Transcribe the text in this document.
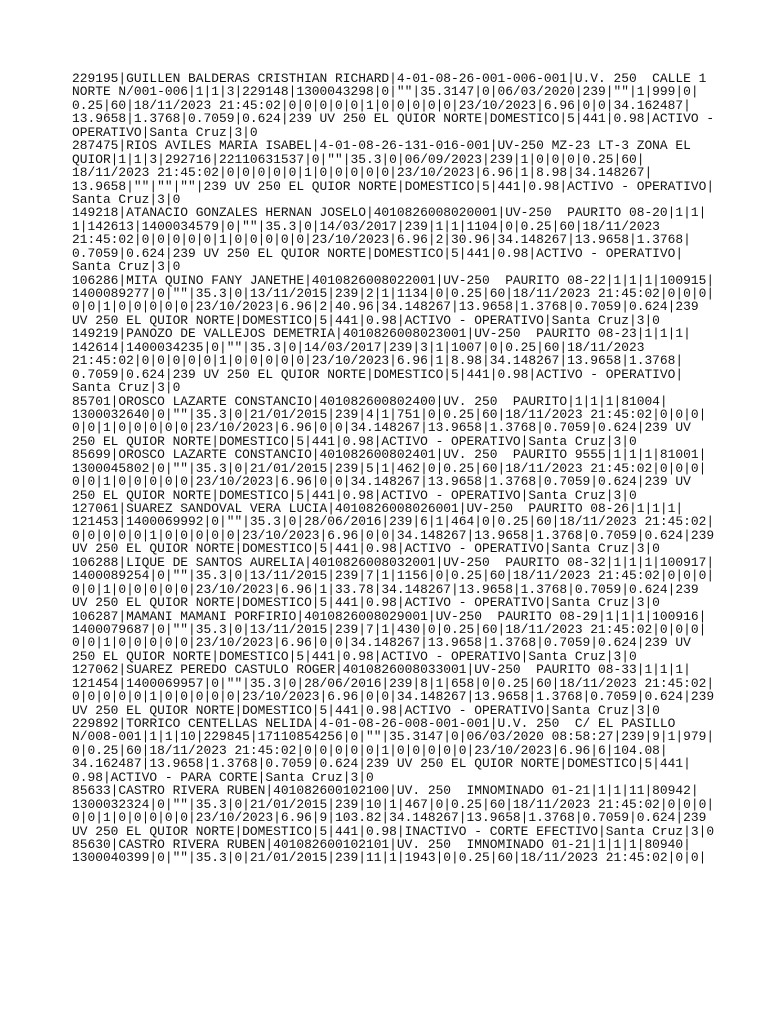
229195|GUILLEN BALDERAS CRISTHIAN RICHARD|4-01-08-26-001-006-001|U.V. 250  CALLE 1
NORTE N/001-006|1|1|3|229148|1300043298|0|""|35.3147|0|06/03/2020|239|""|1|999|0|
0.25|60|18/11/2023 21:45:02|0|0|0|0|0|1|0|0|0|0|0|23/10/2023|6.96|0|0|34.162487|
13.9658|1.3768|0.7059|0.624|239 UV 250 EL QUIOR NORTE|DOMESTICO|5|441|0.98|ACTIVO -
OPERATIVO|Santa Cruz|3|0
287475|RIOS AVILES MARIA ISABEL|4-01-08-26-131-016-001|UV-250 MZ-23 LT-3 ZONA EL
QUIOR|1|1|3|292716|22110631537|0|""|35.3|0|06/09/2023|239|1|0|0|0|0.25|60|
18/11/2023 21:45:02|0|0|0|0|0|1|0|0|0|0|0|23/10/2023|6.96|1|8.98|34.148267|
13.9658|""|""|""|239 UV 250 EL QUIOR NORTE|DOMESTICO|5|441|0.98|ACTIVO - OPERATIVO|
Santa Cruz|3|0
149218|ATANACIO GONZALES HERNAN JOSELO|4010826008020001|UV-250  PAURITO 08-20|1|1|
1|142613|1400034579|0|""|35.3|0|14/03/2017|239|1|1|1104|0|0.25|60|18/11/2023
21:45:02|0|0|0|0|0|1|0|0|0|0|0|23/10/2023|6.96|2|30.96|34.148267|13.9658|1.3768|
0.7059|0.624|239 UV 250 EL QUIOR NORTE|DOMESTICO|5|441|0.98|ACTIVO - OPERATIVO|
Santa Cruz|3|0
106286|MITA QUINO FANY JANETHE|4010826008022001|UV-250  PAURITO 08-22|1|1|1|100915|
1400089277|0|""|35.3|0|13/11/2015|239|2|1|1134|0|0.25|60|18/11/2023 21:45:02|0|0|0|
0|0|1|0|0|0|0|0|23/10/2023|6.96|2|40.96|34.148267|13.9658|1.3768|0.7059|0.624|239
UV 250 EL QUIOR NORTE|DOMESTICO|5|441|0.98|ACTIVO - OPERATIVO|Santa Cruz|3|0
149219|PANOZO DE VALLEJOS DEMETRIA|4010826008023001|UV-250  PAURITO 08-23|1|1|1|
142614|1400034235|0|""|35.3|0|14/03/2017|239|3|1|1007|0|0.25|60|18/11/2023
21:45:02|0|0|0|0|0|1|0|0|0|0|0|23/10/2023|6.96|1|8.98|34.148267|13.9658|1.3768|
0.7059|0.624|239 UV 250 EL QUIOR NORTE|DOMESTICO|5|441|0.98|ACTIVO - OPERATIVO|
Santa Cruz|3|0
85701|OROSCO LAZARTE CONSTANCIO|401082600802400|UV. 250  PAURITO|1|1|1|81004|
1300032640|0|""|35.3|0|21/01/2015|239|4|1|751|0|0.25|60|18/11/2023 21:45:02|0|0|0|
0|0|1|0|0|0|0|0|23/10/2023|6.96|0|0|34.148267|13.9658|1.3768|0.7059|0.624|239 UV
250 EL QUIOR NORTE|DOMESTICO|5|441|0.98|ACTIVO - OPERATIVO|Santa Cruz|3|0
85699|OROSCO LAZARTE CONSTANCIO|401082600802401|UV. 250  PAURITO 9555|1|1|1|81001|
1300045802|0|""|35.3|0|21/01/2015|239|5|1|462|0|0.25|60|18/11/2023 21:45:02|0|0|0|
0|0|1|0|0|0|0|0|23/10/2023|6.96|0|0|34.148267|13.9658|1.3768|0.7059|0.624|239 UV
250 EL QUIOR NORTE|DOMESTICO|5|441|0.98|ACTIVO - OPERATIVO|Santa Cruz|3|0
127061|SUAREZ SANDOVAL VERA LUCIA|4010826008026001|UV-250  PAURITO 08-26|1|1|1|
121453|1400069992|0|""|35.3|0|28/06/2016|239|6|1|464|0|0.25|60|18/11/2023 21:45:02|
0|0|0|0|0|1|0|0|0|0|0|23/10/2023|6.96|0|0|34.148267|13.9658|1.3768|0.7059|0.624|239
UV 250 EL QUIOR NORTE|DOMESTICO|5|441|0.98|ACTIVO - OPERATIVO|Santa Cruz|3|0
106288|LIQUE DE SANTOS AURELIA|4010826008032001|UV-250  PAURITO 08-32|1|1|1|100917|
1400089254|0|""|35.3|0|13/11/2015|239|7|1|1156|0|0.25|60|18/11/2023 21:45:02|0|0|0|
0|0|1|0|0|0|0|0|23/10/2023|6.96|1|33.78|34.148267|13.9658|1.3768|0.7059|0.624|239
UV 250 EL QUIOR NORTE|DOMESTICO|5|441|0.98|ACTIVO - OPERATIVO|Santa Cruz|3|0
106287|MAMANI MAMANI PORFIRIO|4010826008029001|UV-250  PAURITO 08-29|1|1|1|100916|
1400079687|0|""|35.3|0|13/11/2015|239|7|1|430|0|0.25|60|18/11/2023 21:45:02|0|0|0|
0|0|1|0|0|0|0|0|23/10/2023|6.96|0|0|34.148267|13.9658|1.3768|0.7059|0.624|239 UV
250 EL QUIOR NORTE|DOMESTICO|5|441|0.98|ACTIVO - OPERATIVO|Santa Cruz|3|0
127062|SUAREZ PEREDO CASTULO ROGER|4010826008033001|UV-250  PAURITO 08-33|1|1|1|
121454|1400069957|0|""|35.3|0|28/06/2016|239|8|1|658|0|0.25|60|18/11/2023 21:45:02|
0|0|0|0|0|1|0|0|0|0|0|23/10/2023|6.96|0|0|34.148267|13.9658|1.3768|0.7059|0.624|239
UV 250 EL QUIOR NORTE|DOMESTICO|5|441|0.98|ACTIVO - OPERATIVO|Santa Cruz|3|0
229892|TORRICO CENTELLAS NELIDA|4-01-08-26-008-001-001|U.V. 250  C/ EL PASILLO
N/008-001|1|1|10|229845|17110854256|0|""|35.3147|0|06/03/2020 08:58:27|239|9|1|979|
0|0.25|60|18/11/2023 21:45:02|0|0|0|0|0|1|0|0|0|0|0|23/10/2023|6.96|6|104.08|
34.162487|13.9658|1.3768|0.7059|0.624|239 UV 250 EL QUIOR NORTE|DOMESTICO|5|441|
0.98|ACTIVO - PARA CORTE|Santa Cruz|3|0
85633|CASTRO RIVERA RUBEN|401082600102100|UV. 250  IMNOMINADO 01-21|1|1|11|80942|
1300032324|0|""|35.3|0|21/01/2015|239|10|1|467|0|0.25|60|18/11/2023 21:45:02|0|0|0|
0|0|1|0|0|0|0|0|23/10/2023|6.96|9|103.82|34.148267|13.9658|1.3768|0.7059|0.624|239
UV 250 EL QUIOR NORTE|DOMESTICO|5|441|0.98|INACTIVO - CORTE EFECTIVO|Santa Cruz|3|0
85630|CASTRO RIVERA RUBEN|401082600102101|UV. 250  IMNOMINADO 01-21|1|1|1|80940|
1300040399|0|""|35.3|0|21/01/2015|239|11|1|1943|0|0.25|60|18/11/2023 21:45:02|0|0|
